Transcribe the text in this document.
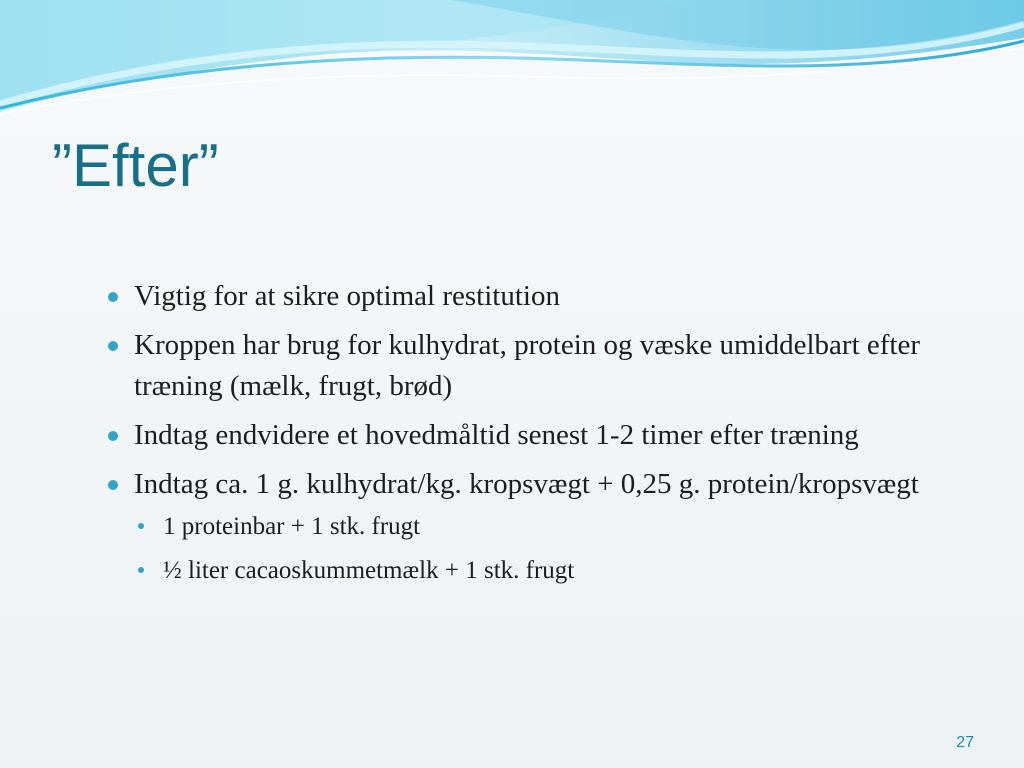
”Efter”
Vigtig for at sikre optimal restitution
Kroppen har brug for kulhydrat, protein og væske umiddelbart efter træning (mælk, frugt, brød)
Indtag endvidere et hovedmåltid senest 1-2 timer efter træning
Indtag ca. 1 g. kulhydrat/kg. kropsvægt + 0,25 g. protein/kropsvægt
1 proteinbar + 1 stk. frugt
½ liter cacaoskummetmælk + 1 stk. frugt
27
